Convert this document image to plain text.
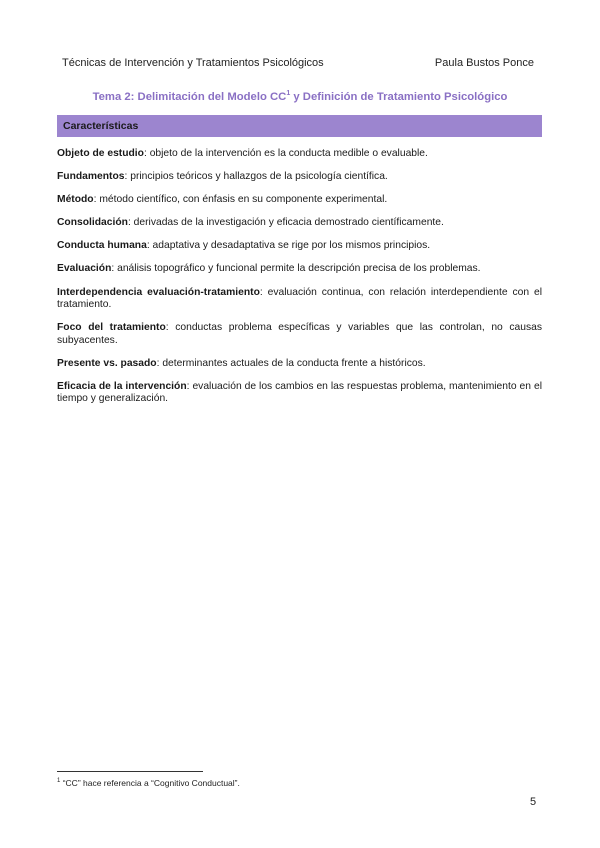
Técnicas de Intervención y Tratamientos Psicológicos	Paula Bustos Ponce
Tema 2: Delimitación del Modelo $CC^1$ y Definición de Tratamiento Psicológico
Características

Objeto de estudio: objeto de la intervención es la conducta medible o evaluable.

Fundamentos: principios teóricos y hallazgos de la psicología científica.

Método: método científico, con énfasis en su componente experimental.

Consolidación: derivadas de la investigación y eficacia demostrado científicamente.

Conducta humana: adaptativa y desadaptativa se rige por los mismos principios.

Evaluación: análisis topográfico y funcional permite la descripción precisa de los problemas.

Interdependencia evaluación-tratamiento: evaluación continua, con relación interdependiente con el tratamiento.

Foco del tratamiento: conductas problema específicas y variables que las controlan, no causas subyacentes.

Presente vs. pasado: determinantes actuales de la conducta frente a históricos.

Eficacia de la intervención: evaluación de los cambios en las respuestas problema, mantenimiento en el tiempo y generalización.

$^1$ “CC” hace referencia a “Cognitivo Conductual”.
5
